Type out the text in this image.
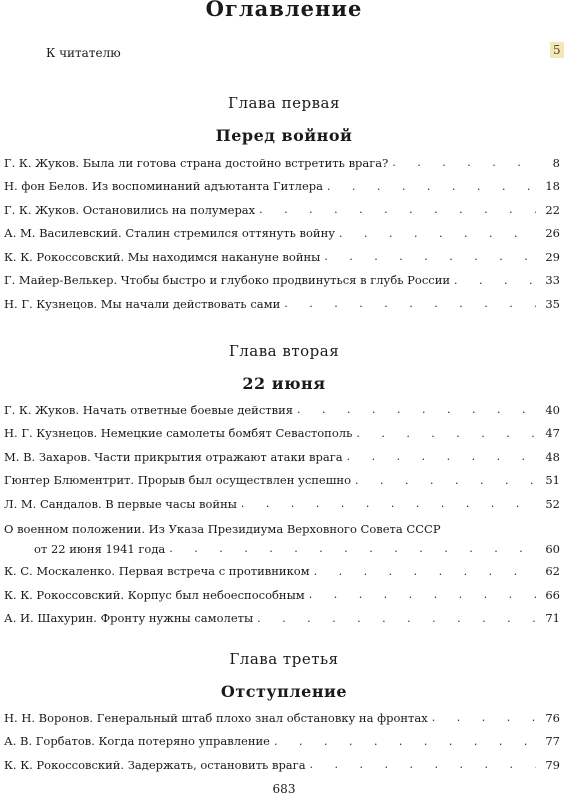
Оглавление
К читателю	5
Глава первая
Перед войной
Г. К. Жуков. Была ли готова страна достойно встретить врага? . . .	8
Н. фон Белов. Из воспоминаний адъютанта Гитлера . . .	18
Г. К. Жуков. Остановились на полумерах . . .	22
А. М. Василевский. Сталин стремился оттянуть войну . . .	26
К. К. Рокоссовский. Мы находимся накануне войны . . .	29
Г. Майер-Велькер. Чтобы быстро и глубоко продвинуться в глубь России . . .	33
Н. Г. Кузнецов. Мы начали действовать сами . . .	35
Глава вторая
22 июня
Г. К. Жуков. Начать ответные боевые действия . . .	40
Н. Г. Кузнецов. Немецкие самолеты бомбят Севастополь . . .	47
М. В. Захаров. Части прикрытия отражают атаки врага . . .	48
Гюнтер Блюментрит. Прорыв был осуществлен успешно . . .	51
Л. М. Сандалов. В первые часы войны . . .	52
О военном положении. Из Указа Президиума Верховного Совета СССР
от 22 июня 1941 года . . .	60
К. С. Москаленко. Первая встреча с противником . . .	62
К. К. Рокоссовский. Корпус был небоеспособным . . .	66
А. И. Шахурин. Фронту нужны самолеты . . .	71
Глава третья
Отступление
Н. Н. Воронов. Генеральный штаб плохо знал обстановку на фронтах . . .	76
А. В. Горбатов. Когда потеряно управление . . .	77
К. К. Рокоссовский. Задержать, остановить врага . . .	79
683
